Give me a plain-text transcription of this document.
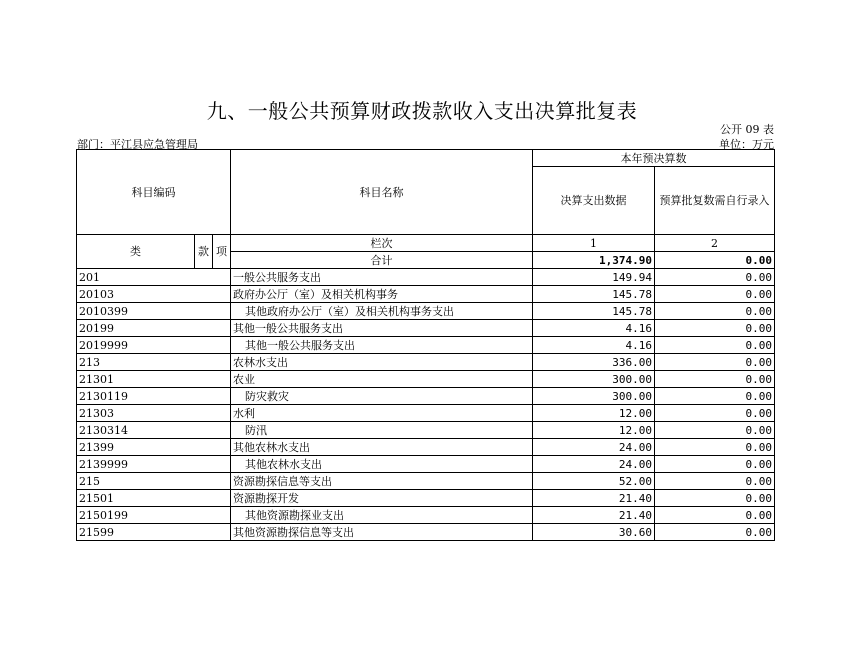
九、一般公共预算财政拨款收入支出决算批复表
公开 09 表
部门：平江县应急管理局	单位：万元
科目编码			科目名称	本年预决算数	
				决算支出数据	预算批复数需自行录入
类	款	项	栏次	1	2
			合计	1,374.90	0.00
201			一般公共服务支出	149.94	0.00
20103			政府办公厅（室）及相关机构事务	145.78	0.00
2010399			其他政府办公厅（室）及相关机构事务支出	145.78	0.00
20199			其他一般公共服务支出	4.16	0.00
2019999			其他一般公共服务支出	4.16	0.00
213			农林水支出	336.00	0.00
21301			农业	300.00	0.00
2130119			防灾救灾	300.00	0.00
21303			水利	12.00	0.00
2130314			防汛	12.00	0.00
21399			其他农林水支出	24.00	0.00
2139999			其他农林水支出	24.00	0.00
215			资源勘探信息等支出	52.00	0.00
21501			资源勘探开发	21.40	0.00
2150199			其他资源勘探业支出	21.40	0.00
21599			其他资源勘探信息等支出	30.60	0.00
